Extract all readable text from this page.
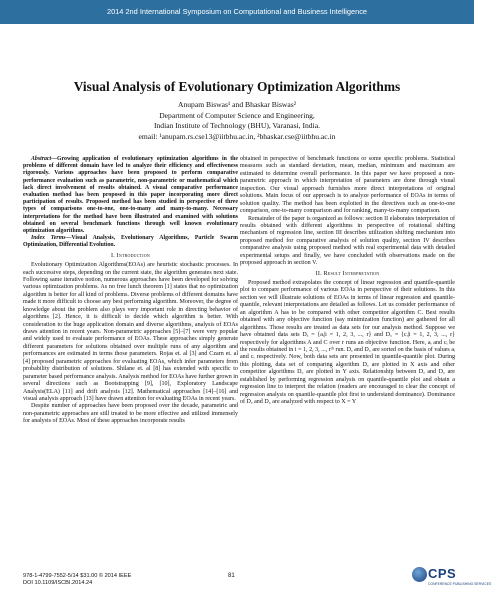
2014 2nd International Symposium on Computational and Business Intelligence
Visual Analysis of Evolutionary Optimization Algorithms
Anupam Biswas¹ and Bhaskar Biswas²
Department of Computer Science and Engineering,
Indian Institute of Technology (BHU), Varanasi, India.
email: ¹anupam.rs.cse13@iitbhu.ac.in, ²bhaskar.cse@iitbhu.ac.in

Abstract—Growing application of evolutionary optimization algorithms in the problems of different domain have led to analyze their efficiency and effectiveness rigorously. Various approaches have been proposed to perform comparative performance evaluation such as parametric, non-parametric or mathematical which lack direct involvement of results obtained. A visual comparative performance evaluation method has been proposed in this paper incorporating more direct participation of results. Proposed method has been studied in perspective of three types of comparisons one-to-one, one-to-many and many-to-many. Necessary interpretations for the method have been illustrated and examined with solutions obtained on several benchmark functions through well known evolutionary optimization algorithms.

Index Terms—Visual Analysis, Evolutionary Algorithms, Particle Swarm Optimization, Differential Evolution.

I. Introduction

Evolutionary Optimization Algorithms(EOAs) are heuristic stochastic processes. In each successive steps, depending on the current state, the algorithm generates next state. Following same iterative notion, numerous approaches have been developed for solving various optimization problems. As no free lunch theorem [1] states that no optimization algorithm is better for all kind of problems. Diverse problems of different domains have made it more difficult to choose any best performing algorithm. Moreover, the degree of knowledge about the problem also plays very important role in directing behavior of algorithms [2]. Hence, it is difficult to decide which algorithm is better. With consideration to the huge application domain and diverse algorithms, analysis of EOAs draws attention in recent years. Non-parametric approaches [5]–[7] were very popular and widely used to evaluate performance of EOAs. These approaches simply generate different parameters for solutions obtained over multiple runs of any algorithm and performances are estimated in terms those parameters. Rojas et. al [3] and Czarn et. al [4] proposed parametric approaches for evaluating EOAs, which infer parameters from probability distribution of solutions. Shilane et. al [8] has extended with specific to parameter based performance analysis. Analysis method for EOAs have further grown in several directions such as Bootstrapping [9], [10], Exploratory Landscape Analysis(ELA) [11] and drift analysis [12]. Mathematical approaches [14]–[16] and visual analysis approach [13] have drawn attention for evaluating EOAs in recent years.

Despite number of approaches have been proposed over the decade, parametric and non-parametric approaches are still treated to be more effective and utilized immensely for analysis of EOAs. Most of these approaches incorporate results

obtained in perspective of benchmark functions or some specific problems. Statistical measures such as standard deviation, mean, median, minimum and maximum are estimated to determine overall performance. In this paper we have proposed a non-parametric approach in which interpretation of parameters are done through visual inspection. Our visual approach furnishes more direct interpretations of original solutions. Main focus of our approach is to analyze performance of EOAs in terms of solution quality. The method has been exploited in the directives such as one-to-one comparison, one-to-many comparison and for ranking, many-to-many comparison.

Remainder of the paper is organized as follows: section II elaborates interpretation of results obtained with different algorithms in perspective of rotational shifting mechanism of regression line, section III describes utilization shifting mechanism into proposed method for comparative analysis of solution quality, section IV describes comparative analysis using proposed method with real experimental data with detailed experimental setups and finally, we have concluded with observations made on the proposed approach in section V.

II. Result Interpretation

Proposed method extrapolates the concept of linear regression and quantile-quantile plot to compare performance of various EOAs in perspective of their solutions. In this section we will illustrate solutions of EOAs in terms of linear regression and quantile-quantile, relevant interpretations are detailed as follows. Let us consider performance of an algorithm A has to be compared with other competitor algorithm C. Best results obtained with any objective function (say minimization function) are gathered for all algorithms. Those results are treated as data sets for our analysis method. Suppose we have obtained data sets Dₐ = {aᵢ|i = 1, 2, 3, ..., r} and D꜀ = {cᵢ|i = 1, 2, 3, ..., r} respectively for algorithms A and C over r runs an objective function. Here, aᵢ and cᵢ be the results obtained in i = 1, 2, 3, ..., rᵗʰ run. Dₐ and D꜀ are sorted on the basis of values aᵢ and cᵢ respectively. Now, both data sets are presented in quantile-quantile plot. During this plotting, data set of comparing algorithm Dₐ are plotted in X axis and other competitor algorithms D꜀ are plotted in Y axis. Relationship between Dₐ and D꜀ are established by performing regression analysis on quantile-quantile plot and obtain a regression line to interpret the relation (readers are encouraged to clear the concept of regression analysis on quantile-quantile plot first to understand dominance). Dominance of Dₐ and D꜀ are analyzed with respect to X = Y

978-1-4799-7552-5/14 $31.00 © 2014 IEEE
DOI 10.1109/ISCBI.2014.24
81	CPS
CONFERENCE PUBLISHING SERVICES
